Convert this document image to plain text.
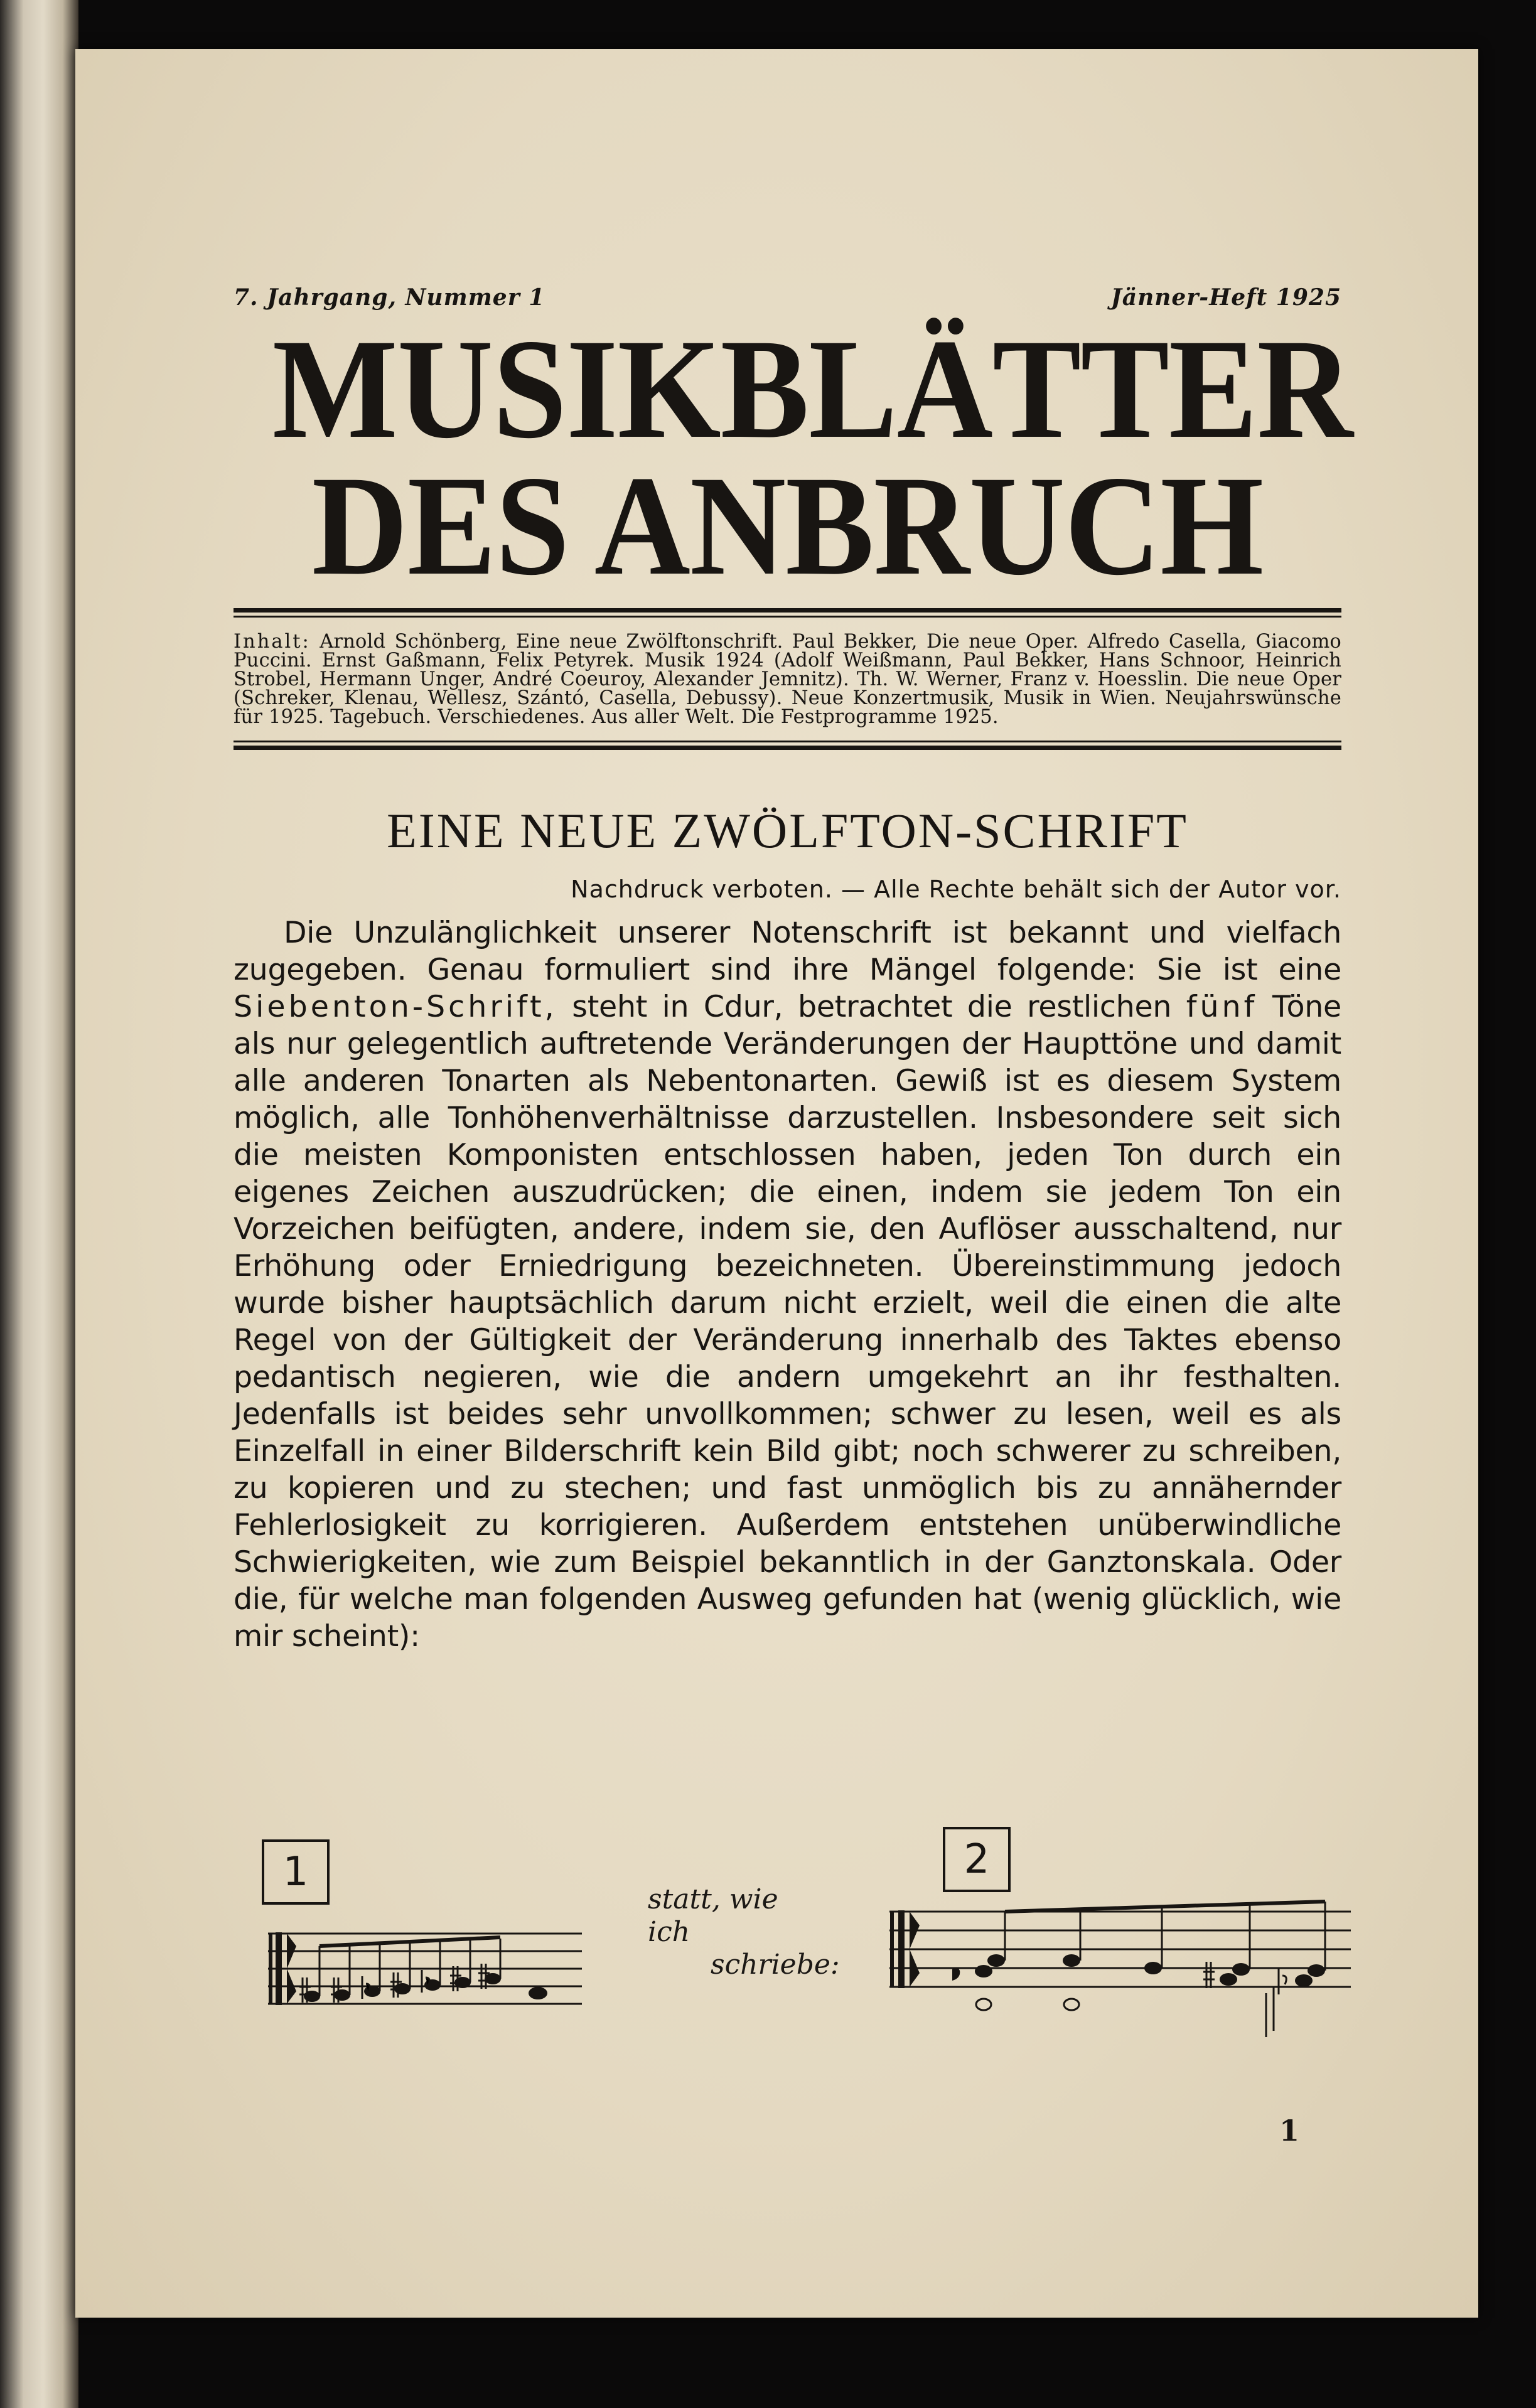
7. Jahrgang, Nummer 1	Jänner-Heft 1925
MUSIKBLÄTTER
DES ANBRUCH
Inhalt: Arnold Schönberg, Eine neue Zwölftonschrift. Paul Bekker, Die neue Oper. Alfredo Casella, Giacomo Puccini. Ernst Gaßmann, Felix Petyrek. Musik 1924 (Adolf Weißmann, Paul Bekker, Hans Schnoor, Heinrich Strobel, Hermann Unger, André Coeuroy, Alexander Jemnitz). Th. W. Werner, Franz v. Hoesslin. Die neue Oper (Schreker, Klenau, Wellesz, Szántó, Casella, Debussy). Neue Konzertmusik, Musik in Wien. Neujahrswünsche für 1925. Tagebuch. Verschiedenes. Aus aller Welt. Die Festprogramme 1925.
EINE NEUE ZWÖLFTON-SCHRIFT
Nachdruck verboten. — Alle Rechte behält sich der Autor vor.
Die Unzulänglichkeit unserer Notenschrift ist bekannt und vielfach zugegeben. Genau formuliert sind ihre Mängel folgende: Sie ist eine Siebenton-Schrift, steht in Cdur, betrachtet die restlichen fünf Töne als nur gelegentlich auftretende Veränderungen der Haupttöne und damit alle anderen Tonarten als Nebentonarten. Gewiß ist es diesem System möglich, alle Tonhöhenverhältnisse darzustellen. Insbesondere seit sich die meisten Komponisten entschlossen haben, jeden Ton durch ein eigenes Zeichen auszudrücken; die einen, indem sie jedem Ton ein Vorzeichen beifügten, andere, indem sie, den Auflöser ausschaltend, nur Erhöhung oder Erniedrigung bezeichneten. Übereinstimmung jedoch wurde bisher hauptsächlich darum nicht erzielt, weil die einen die alte Regel von der Gültigkeit der Veränderung innerhalb des Taktes ebenso pedantisch negieren, wie die andern umgekehrt an ihr festhalten. Jedenfalls ist beides sehr unvollkommen; schwer zu lesen, weil es als Einzelfall in einer Bilderschrift kein Bild gibt; noch schwerer zu schreiben, zu kopieren und zu stechen; und fast unmöglich bis zu annähernder Fehlerlosigkeit zu korrigieren. Außerdem entstehen unüberwindliche Schwierigkeiten, wie zum Beispiel bekanntlich in der Ganztonskala. Oder die, für welche man folgenden Ausweg gefunden hat (wenig glücklich, wie mir scheint):
1
statt, wie ich
schriebe:
2
1
